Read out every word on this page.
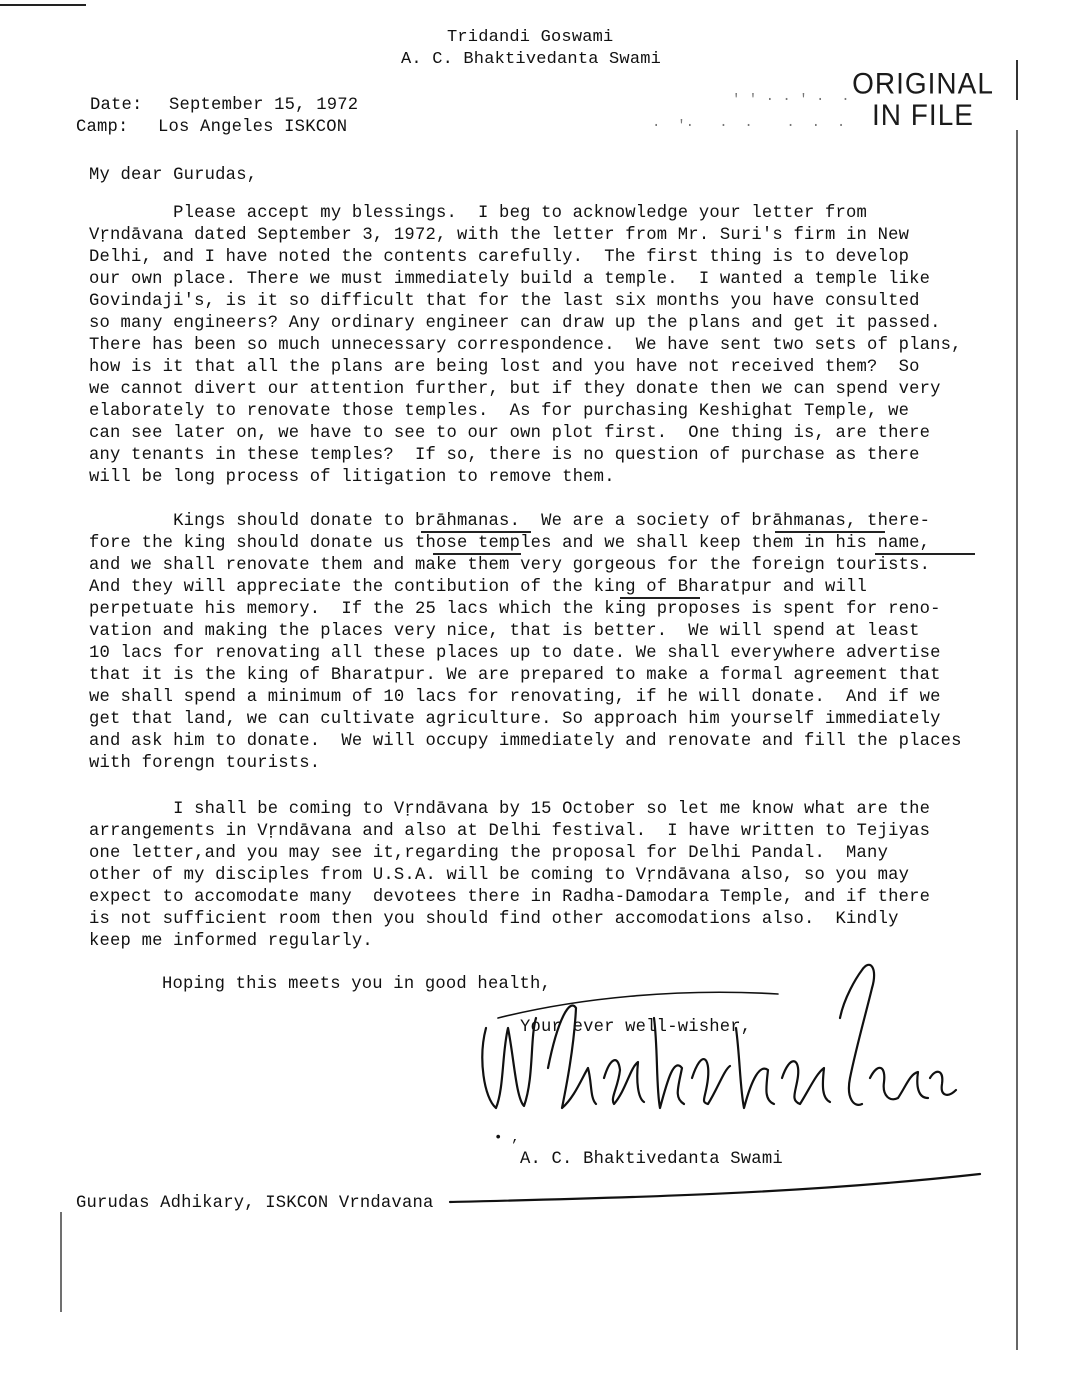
Tridandi Goswami
A. C. Bhaktivedanta Swami
ORIGINAL
IN FILE
' ' · · ' ·  ·
·  '·   ·  ·    ·  ·  ·
Date: September 15, 1972
Camp: Los Angeles ISKCON
My dear Gurudas,
Please accept my blessings.  I beg to acknowledge your letter from
Vṛndāvana dated September 3, 1972, with the letter from Mr. Suri's firm in New
Delhi, and I have noted the contents carefully.  The first thing is to develop
our own place. There we must immediately build a temple.  I wanted a temple like
Govindaji's, is it so difficult that for the last six months you have consulted
so many engineers? Any ordinary engineer can draw up the plans and get it passed.
There has been so much unnecessary correspondence.  We have sent two sets of plans,
how is it that all the plans are being lost and you have not received them?  So
we cannot divert our attention further, but if they donate then we can spend very
elaborately to renovate those temples.  As for purchasing Keshighat Temple, we
can see later on, we have to see to our own plot first.  One thing is, are there
any tenants in these temples?  If so, there is no question of purchase as there
will be long process of litigation to remove them.
Kings should donate to brāhmanas.  We are a society of brāhmanas, there-
fore the king should donate us those temples and we shall keep them in his name,
and we shall renovate them and make them very gorgeous for the foreign tourists.
And they will appreciate the contibution of the king of Bharatpur and will
perpetuate his memory.  If the 25 lacs which the king proposes is spent for reno-
vation and making the places very nice, that is better.  We will spend at least
10 lacs for renovating all these places up to date. We shall everywhere advertise
that it is the king of Bharatpur. We are prepared to make a formal agreement that
we shall spend a minimum of 10 lacs for renovating, if he will donate.  And if we
get that land, we can cultivate agriculture. So approach him yourself immediately
and ask him to donate.  We will occupy immediately and renovate and fill the places
with forengn tourists.
I shall be coming to Vṛndāvana by 15 October so let me know what are the
arrangements in Vṛndāvana and also at Delhi festival.  I have written to Tejiyas
one letter,and you may see it,regarding the proposal for Delhi Pandal.  Many
other of my disciples from U.S.A. will be coming to Vṛndāvana also, so you may
expect to accomodate many  devotees there in Radha-Damodara Temple, and if there
is not sufficient room then you should find other accomodations also.  Kindly
keep me informed regularly.
Hoping this meets you in good health,
Your ever well-wisher,
• ,
A. C. Bhaktivedanta Swami
Gurudas Adhikary, ISKCON Vrndavana
